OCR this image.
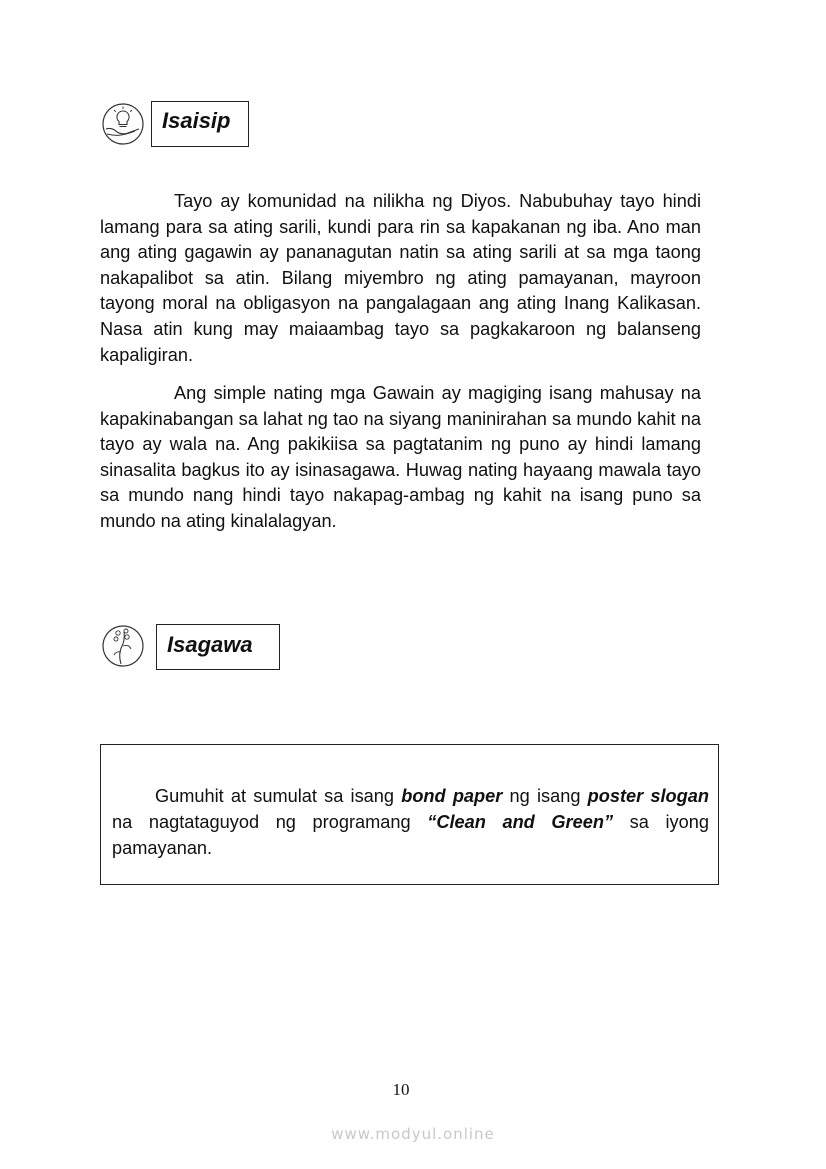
Isaisip

Tayo ay komunidad na nilikha ng Diyos. Nabubuhay tayo hindi lamang para sa ating sarili, kundi para rin sa kapakanan ng iba. Ano man ang ating gagawin ay pananagutan natin sa ating sarili at sa mga taong nakapalibot sa atin. Bilang miyembro ng ating pamayanan, mayroon tayong moral na obligasyon na pangalagaan ang ating Inang Kalikasan. Nasa atin kung may maiaambag tayo sa pagkakaroon ng balanseng kapaligiran.

Ang simple nating mga Gawain ay magiging isang mahusay na kapakinabangan sa lahat ng tao na siyang maninirahan sa mundo kahit na tayo ay wala na. Ang pakikiisa sa pagtatanim ng puno ay hindi lamang sinasalita bagkus ito ay isinasagawa. Huwag nating hayaang mawala tayo sa mundo nang hindi tayo nakapag-ambag ng kahit na isang puno sa mundo na ating kinalalagyan.

Isagawa

Gumuhit at sumulat sa isang bond paper ng isang poster slogan na nagtataguyod ng programang “Clean and Green” sa iyong pamayanan.

10
www.modyul.online
